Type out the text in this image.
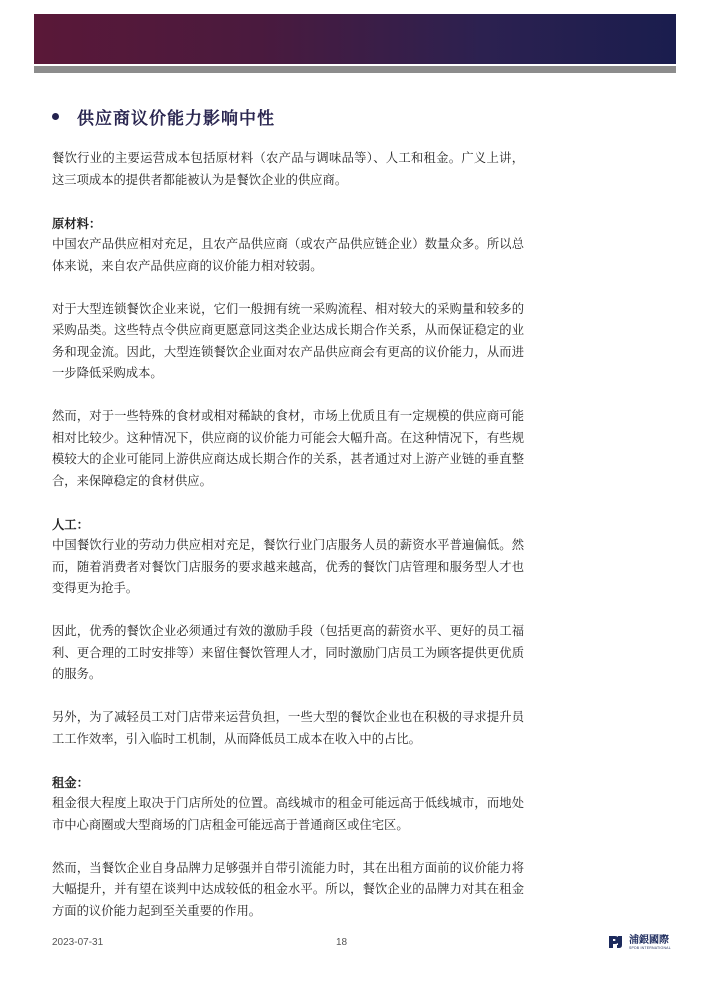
供应商议价能力影响中性

餐饮行业的主要运营成本包括原材料（农产品与调味品等）、人工和租金。广义上讲，这三项成本的提供者都能被认为是餐饮企业的供应商。

原材料：

中国农产品供应相对充足，且农产品供应商（或农产品供应链企业）数量众多。所以总体来说，来自农产品供应商的议价能力相对较弱。

对于大型连锁餐饮企业来说，它们一般拥有统一采购流程、相对较大的采购量和较多的采购品类。这些特点令供应商更愿意同这类企业达成长期合作关系，从而保证稳定的业务和现金流。因此，大型连锁餐饮企业面对农产品供应商会有更高的议价能力，从而进一步降低采购成本。

然而，对于一些特殊的食材或相对稀缺的食材，市场上优质且有一定规模的供应商可能相对比较少。这种情况下，供应商的议价能力可能会大幅升高。在这种情况下，有些规模较大的企业可能同上游供应商达成长期合作的关系，甚者通过对上游产业链的垂直整合，来保障稳定的食材供应。

人工：

中国餐饮行业的劳动力供应相对充足，餐饮行业门店服务人员的薪资水平普遍偏低。然而，随着消费者对餐饮门店服务的要求越来越高，优秀的餐饮门店管理和服务型人才也变得更为抢手。

因此，优秀的餐饮企业必须通过有效的激励手段（包括更高的薪资水平、更好的员工福利、更合理的工时安排等）来留住餐饮管理人才，同时激励门店员工为顾客提供更优质的服务。

另外，为了减轻员工对门店带来运营负担，一些大型的餐饮企业也在积极的寻求提升员工工作效率，引入临时工机制，从而降低员工成本在收入中的占比。

租金：

租金很大程度上取决于门店所处的位置。高线城市的租金可能远高于低线城市，而地处市中心商圈或大型商场的门店租金可能远高于普通商区或住宅区。

然而，当餐饮企业自身品牌力足够强并自带引流能力时，其在出租方面前的议价能力将大幅提升，并有望在谈判中达成较低的租金水平。所以，餐饮企业的品牌力对其在租金方面的议价能力起到至关重要的作用。

2023-07-31	18	浦銀國際
SPDB INTERNATIONAL
